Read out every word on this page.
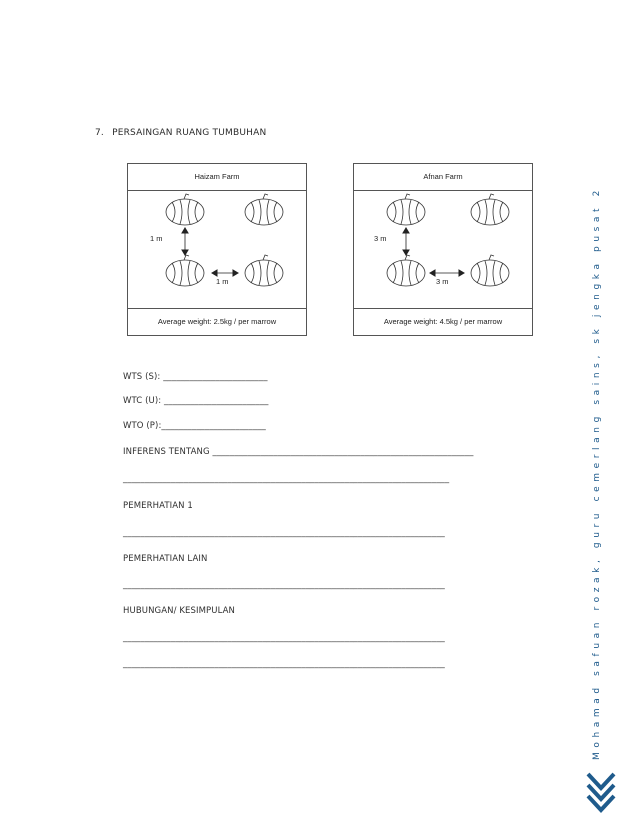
7. PERSAINGAN RUANG TUMBUHAN
Haizam Farm
1 m
1 m
Average weight: 2.5kg / per marrow
Afnan Farm
3 m
3 m
Average weight: 4.5kg / per marrow
WTS (S): ________________________
WTC (U): ________________________
WTO (P):________________________
INFERENS TENTANG ____________________________________________________________
___________________________________________________________________________
PEMERHATIAN 1
__________________________________________________________________________
PEMERHATIAN LAIN
__________________________________________________________________________
HUBUNGAN/ KESIMPULAN
__________________________________________________________________________
__________________________________________________________________________	Mohamad safuan rozak, guru cemerlang sains, sk jengka pusat 2
